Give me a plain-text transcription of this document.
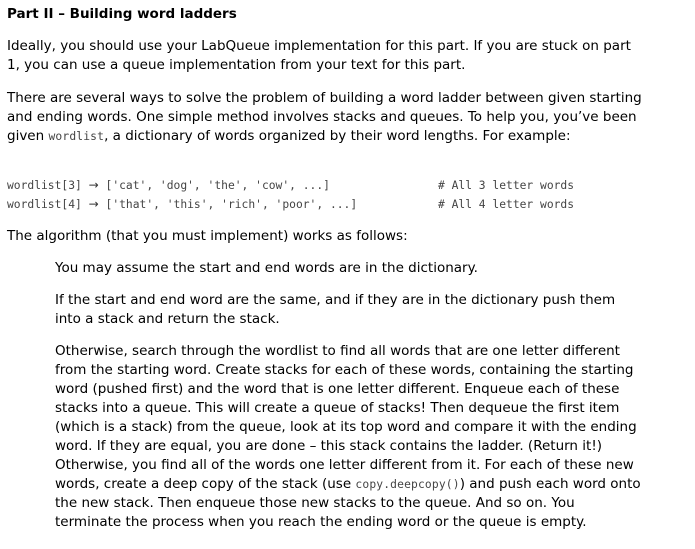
Part II – Building word ladders

Ideally, you should use your LabQueue implementation for this part. If you are stuck on part 1, you can use a queue implementation from your text for this part.

There are several ways to solve the problem of building a word ladder between given starting and ending words. One simple method involves stacks and queues. To help you, you’ve been given wordlist, a dictionary of words organized by their word lengths. For example:

wordlist[3] → ['cat', 'dog', 'the', 'cow', ...]

	# All 3 letter words

wordlist[4] → ['that', 'this', 'rich', 'poor', ...]

	# All 4 letter words

The algorithm (that you must implement) works as follows:

You may assume the start and end words are in the dictionary.

If the start and end word are the same, and if they are in the dictionary push them into a stack and return the stack.

Otherwise, search through the wordlist to find all words that are one letter different from the starting word. Create stacks for each of these words, containing the starting word (pushed first) and the word that is one letter different. Enqueue each of these stacks into a queue. This will create a queue of stacks! Then dequeue the first item (which is a stack) from the queue, look at its top word and compare it with the ending word. If they are equal, you are done – this stack contains the ladder. (Return it!) Otherwise, you find all of the words one letter different from it. For each of these new words, create a deep copy of the stack (use copy.deepcopy()) and push each word onto the new stack. Then enqueue those new stacks to the queue. And so on. You terminate the process when you reach the ending word or the queue is empty.
